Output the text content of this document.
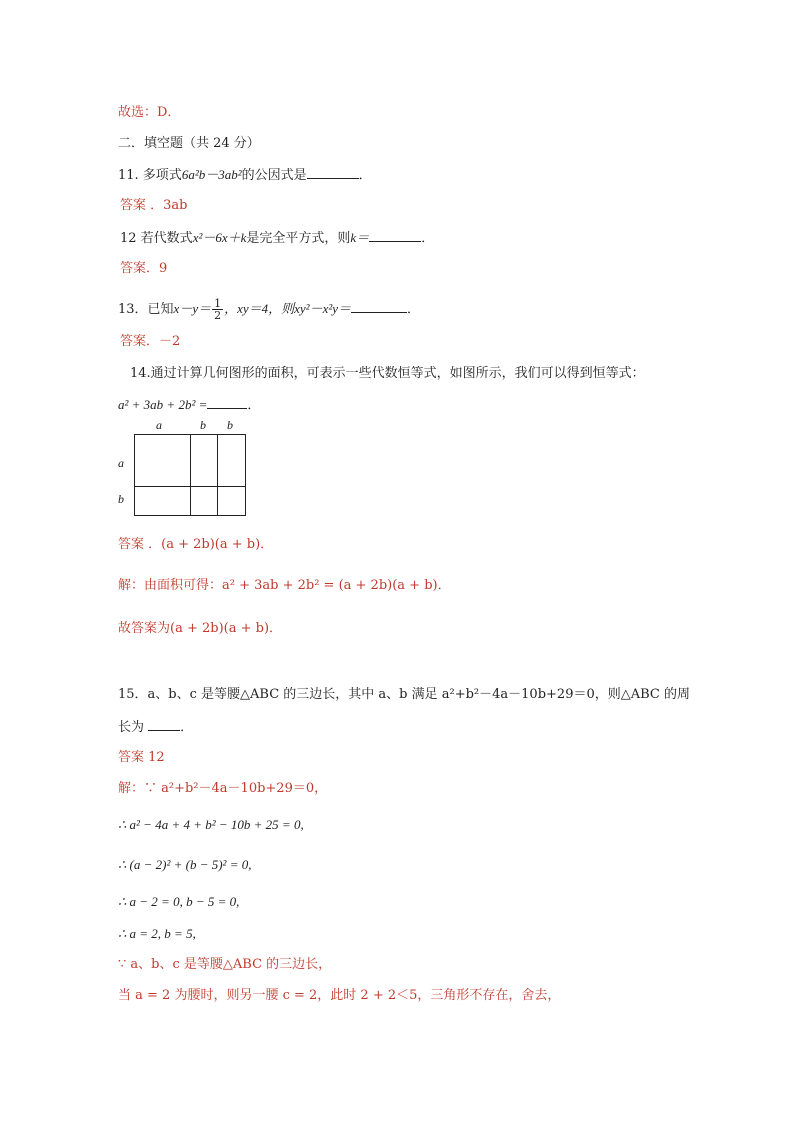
故选：D．
二．填空题（共 24 分）
11. 多项式6a²b－3ab²的公因式是	．
答案 ．3ab
12 若代数式x²－6x＋k是完全平方式，则k＝	．
答案．9
13．已知$x-y= \frac{1}{2}$ ，xy＝4，则xy²－x²y＝	．
答案．－2
14.通过计算几何图形的面积，可表示一些代数恒等式，如图所示，我们可以得到恒等式：
a² + 3ab + 2b² =	．
a	b b
a
b
答案 ．(a + 2b)(a + b)．
解：由面积可得：a² + 3ab + 2b² = (a + 2b)(a + b)．
故答案为(a + 2b)(a + b)．
15．a、b、c 是等腰△ABC 的三边长，其中 a、b 满足 a²+b²－4a－10b+29＝0，则△ABC 的周
长为	．
答案 12
解：∵ a²+b²－4a－10b+29＝0，
∴ a² − 4a + 4 + b² − 10b + 25 = 0,
∴ (a − 2)² + (b − 5)² = 0,
∴ a − 2 = 0, b − 5 = 0,
∴ a = 2, b = 5,
∵ a、b、c 是等腰△ABC 的三边长，
当 a = 2 为腰时，则另一腰 c = 2，此时 2 + 2＜5，三角形不存在，舍去，
